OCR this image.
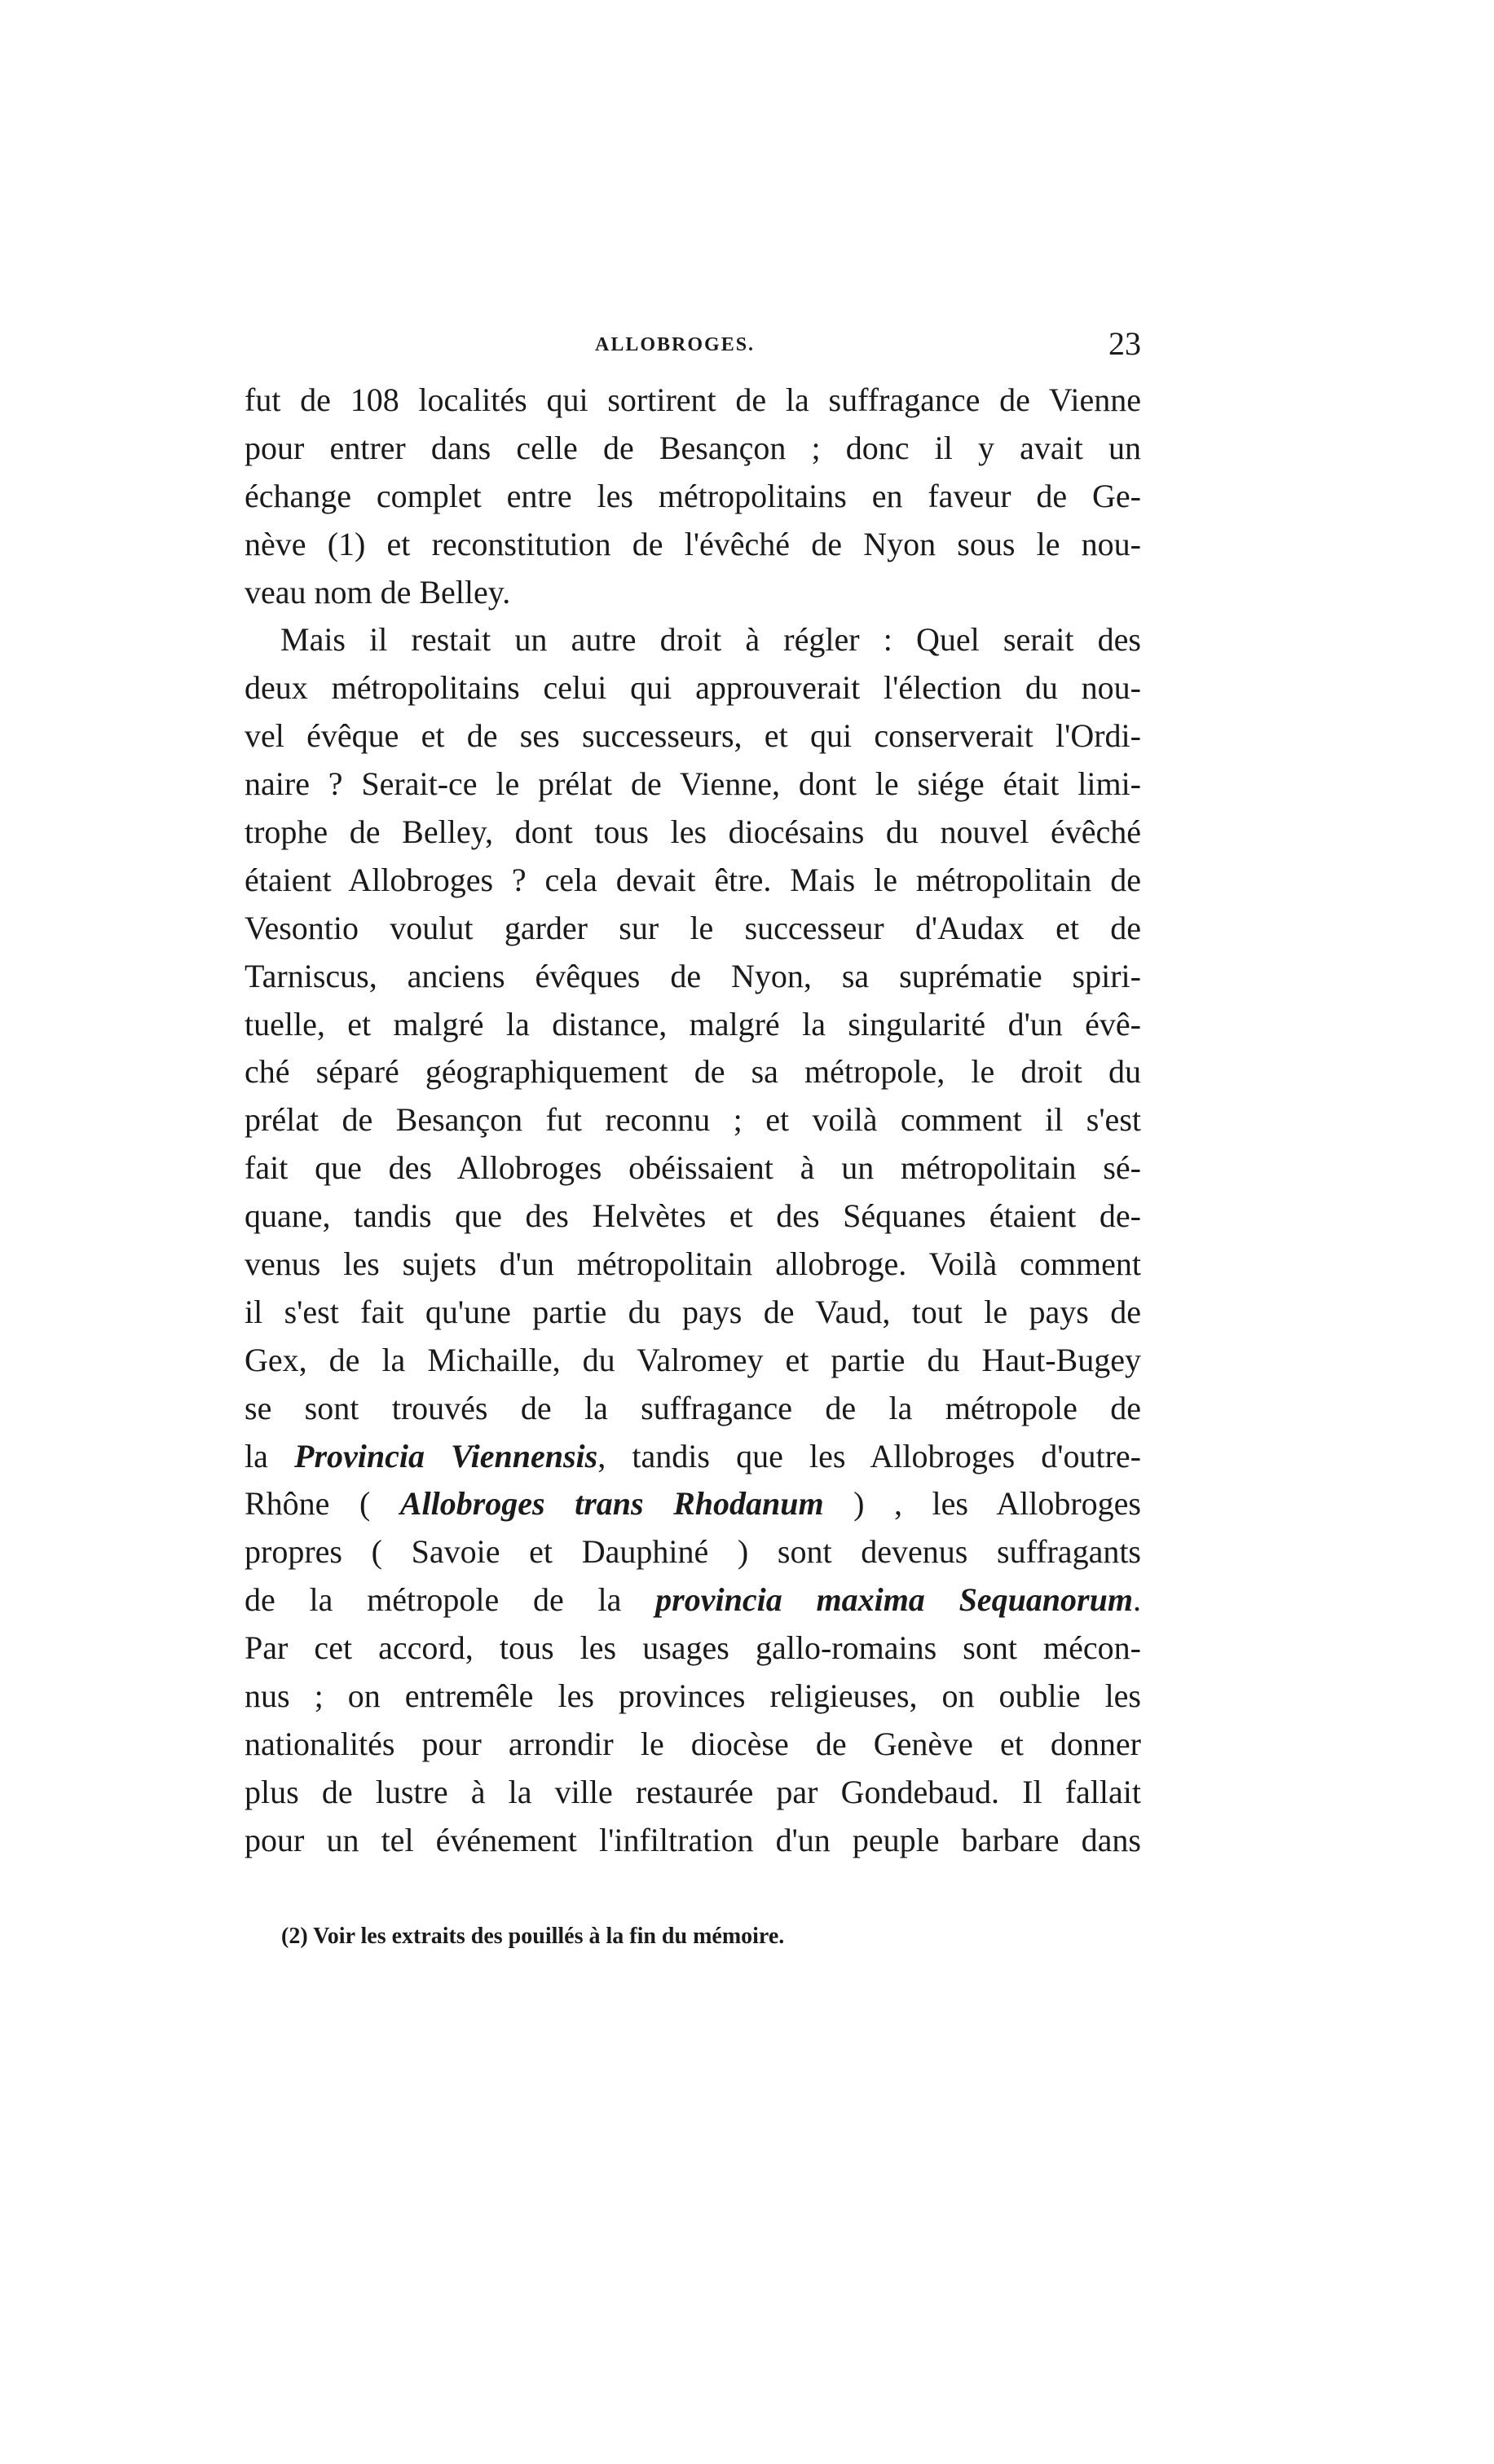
ALLOBROGES.	23
fut de 108 localités qui sortirent de la suffragance de Vienne
pour entrer dans celle de Besançon ; donc il y avait un
échange complet entre les métropolitains en faveur de Ge-
nève (1) et reconstitution de l'évêché de Nyon sous le nou-
veau nom de Belley.
Mais il restait un autre droit à régler : Quel serait des
deux métropolitains celui qui approuverait l'élection du nou-
vel évêque et de ses successeurs, et qui conserverait l'Ordi-
naire ? Serait-ce le prélat de Vienne, dont le siége était limi-
trophe de Belley, dont tous les diocésains du nouvel évêché
étaient Allobroges ? cela devait être. Mais le métropolitain de
Vesontio voulut garder sur le successeur d'Audax et de
Tarniscus, anciens évêques de Nyon, sa suprématie spiri-
tuelle, et malgré la distance, malgré la singularité d'un évê-
ché séparé géographiquement de sa métropole, le droit du
prélat de Besançon fut reconnu ; et voilà comment il s'est
fait que des Allobroges obéissaient à un métropolitain sé-
quane, tandis que des Helvètes et des Séquanes étaient de-
venus les sujets d'un métropolitain allobroge. Voilà comment
il s'est fait qu'une partie du pays de Vaud, tout le pays de
Gex, de la Michaille, du Valromey et partie du Haut-Bugey
se sont trouvés de la suffragance de la métropole de
la Provincia Viennensis, tandis que les Allobroges d'outre-
Rhône ( Allobroges trans Rhodanum ) , les Allobroges
propres ( Savoie et Dauphiné ) sont devenus suffragants
de la métropole de la provincia maxima Sequanorum.
Par cet accord, tous les usages gallo-romains sont mécon-
nus ; on entremêle les provinces religieuses, on oublie les
nationalités pour arrondir le diocèse de Genève et donner
plus de lustre à la ville restaurée par Gondebaud. Il fallait
pour un tel événement l'infiltration d'un peuple barbare dans
(2) Voir les extraits des pouillés à la fin du mémoire.
